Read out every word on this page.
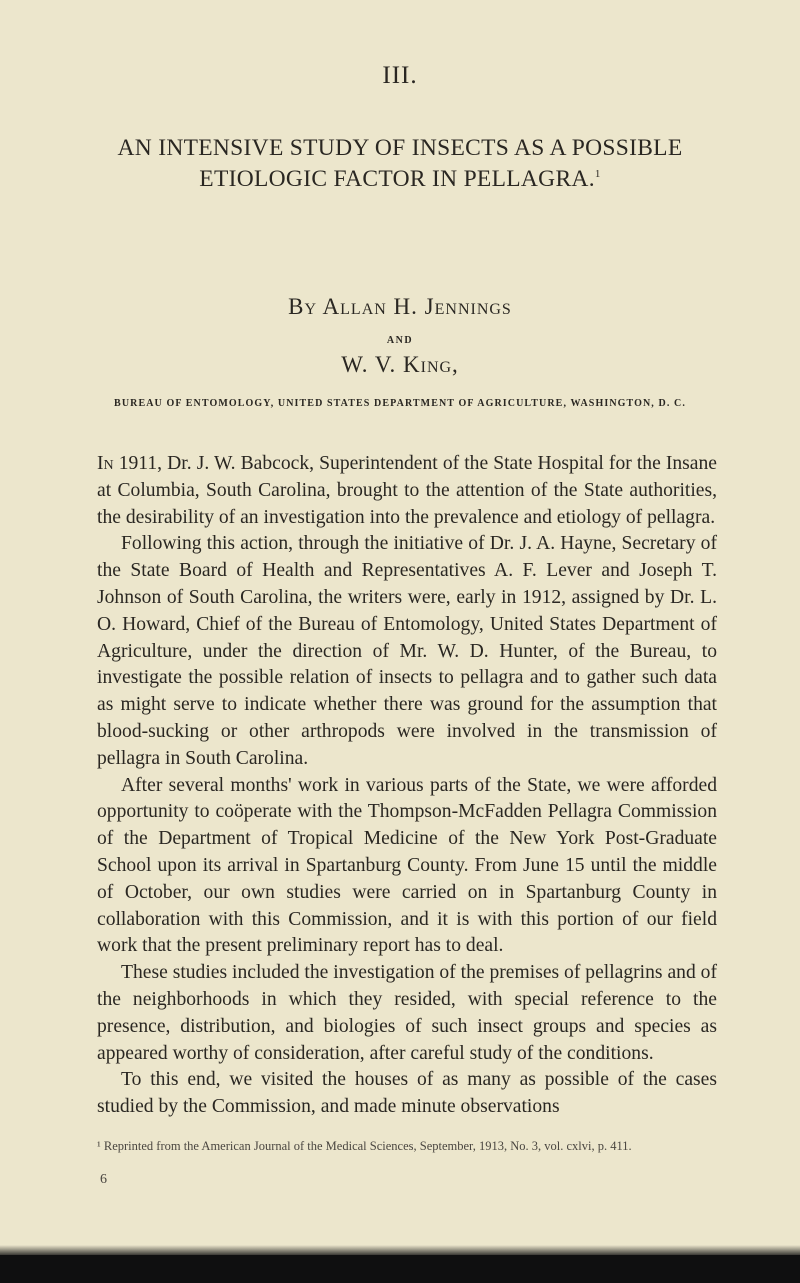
III.
AN INTENSIVE STUDY OF INSECTS AS A POSSIBLE
ETIOLOGIC FACTOR IN PELLAGRA.$^1$
By Allan H. Jennings
AND
W. V. King,
BUREAU OF ENTOMOLOGY, UNITED STATES DEPARTMENT OF AGRICULTURE, WASHINGTON, D. C.

In 1911, Dr. J. W. Babcock, Superintendent of the State Hospital for the Insane at Columbia, South Carolina, brought to the attention of the State authorities, the desirability of an investigation into the prevalence and etiology of pellagra.

Following this action, through the initiative of Dr. J. A. Hayne, Secretary of the State Board of Health and Representatives A. F. Lever and Joseph T. Johnson of South Carolina, the writers were, early in 1912, assigned by Dr. L. O. Howard, Chief of the Bureau of Entomology, United States Department of Agriculture, under the direction of Mr. W. D. Hunter, of the Bureau, to investigate the possible relation of insects to pellagra and to gather such data as might serve to indicate whether there was ground for the assumption that blood-sucking or other arthropods were involved in the transmission of pellagra in South Carolina.

After several months' work in various parts of the State, we were afforded opportunity to coöperate with the Thompson-McFadden Pellagra Commission of the Department of Tropical Medicine of the New York Post-Graduate School upon its arrival in Spartanburg County. From June 15 until the middle of October, our own studies were carried on in Spartanburg County in collaboration with this Commission, and it is with this portion of our field work that the present preliminary report has to deal.

These studies included the investigation of the premises of pellagrins and of the neighborhoods in which they resided, with special reference to the presence, distribution, and biologies of such insect groups and species as appeared worthy of consideration, after careful study of the conditions.

To this end, we visited the houses of as many as possible of the cases studied by the Commission, and made minute observations

¹ Reprinted from the American Journal of the Medical Sciences, September, 1913, No. 3, vol. cxlvi, p. 411.
6
